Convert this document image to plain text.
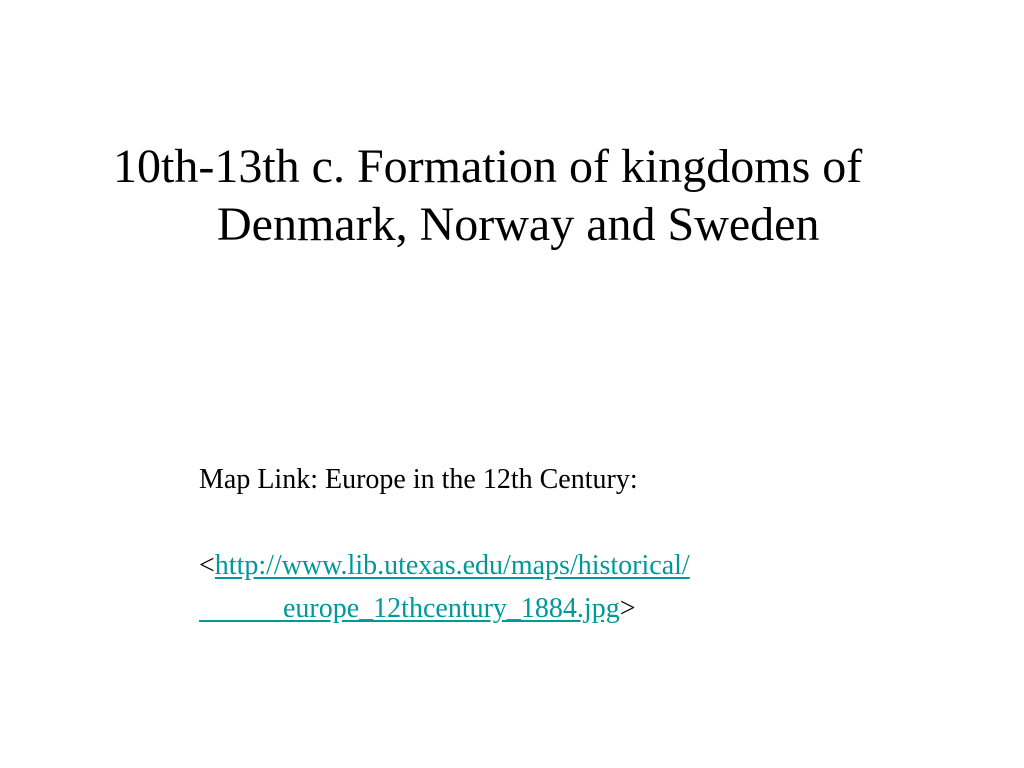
10th-13th c. Formation of kingdoms of
Denmark, Norway and Sweden
Map Link: Europe in the 12th Century:
<http://www.lib.utexas.edu/maps/historical/
europe_12thcentury_1884.jpg>
